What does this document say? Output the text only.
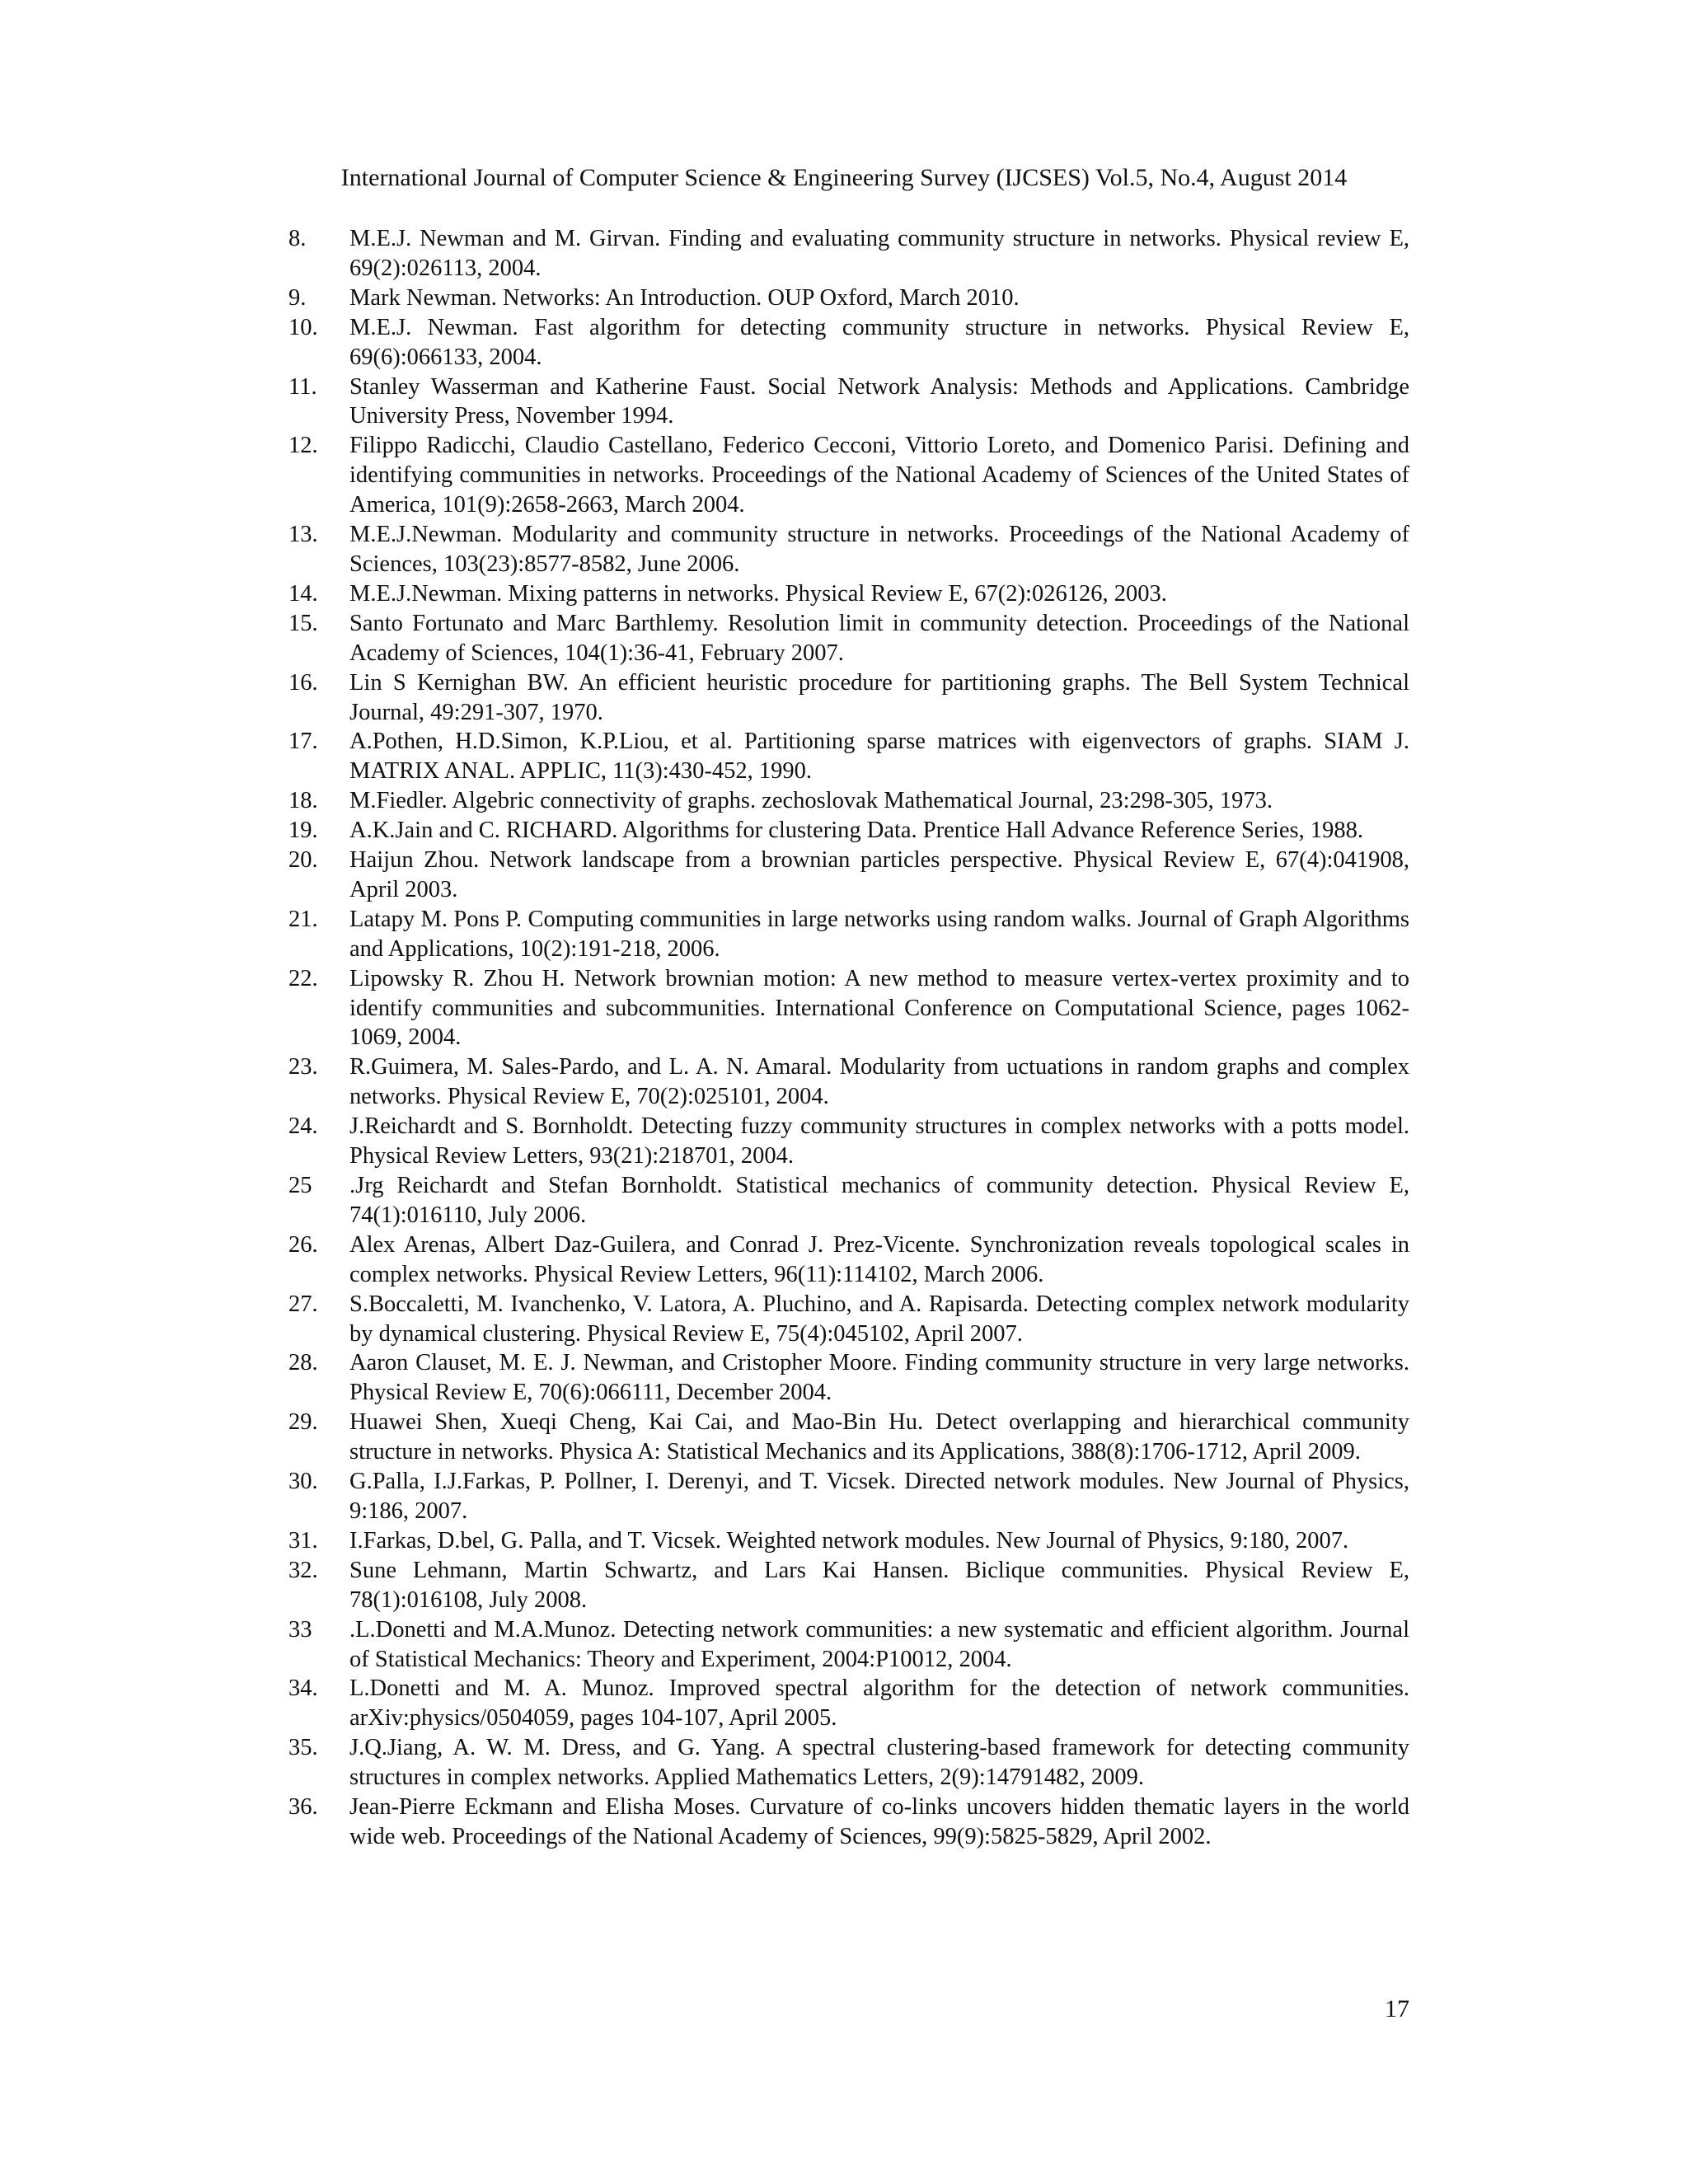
International Journal of Computer Science & Engineering Survey (IJCSES) Vol.5, No.4, August 2014
8.	M.E.J. Newman and M. Girvan. Finding and evaluating community structure in networks. Physical review E, 69(2):026113, 2004.
9.	Mark Newman. Networks: An Introduction. OUP Oxford, March 2010.
10.	M.E.J. Newman. Fast algorithm for detecting community structure in networks. Physical Review E, 69(6):066133, 2004.
11.	Stanley Wasserman and Katherine Faust. Social Network Analysis: Methods and Applications. Cambridge University Press, November 1994.
12.	Filippo Radicchi, Claudio Castellano, Federico Cecconi, Vittorio Loreto, and Domenico Parisi. Defining and identifying communities in networks. Proceedings of the National Academy of Sciences of the United States of America, 101(9):2658-2663, March 2004.
13.	M.E.J.Newman. Modularity and community structure in networks. Proceedings of the National Academy of Sciences, 103(23):8577-8582, June 2006.
14.	M.E.J.Newman. Mixing patterns in networks. Physical Review E, 67(2):026126, 2003.
15.	Santo Fortunato and Marc Barthlemy. Resolution limit in community detection. Proceedings of the National Academy of Sciences, 104(1):36-41, February 2007.
16.	Lin S Kernighan BW. An efficient heuristic procedure for partitioning graphs. The Bell System Technical Journal, 49:291-307, 1970.
17.	A.Pothen, H.D.Simon, K.P.Liou, et al. Partitioning sparse matrices with eigenvectors of graphs. SIAM J. MATRIX ANAL. APPLIC, 11(3):430-452, 1990.
18.	M.Fiedler. Algebric connectivity of graphs. zechoslovak Mathematical Journal, 23:298-305, 1973.
19.	A.K.Jain and C. RICHARD. Algorithms for clustering Data. Prentice Hall Advance Reference Series, 1988.
20.	Haijun Zhou. Network landscape from a brownian particles perspective. Physical Review E, 67(4):041908, April 2003.
21.	Latapy M. Pons P. Computing communities in large networks using random walks. Journal of Graph Algorithms and Applications, 10(2):191-218, 2006.
22.	Lipowsky R. Zhou H. Network brownian motion: A new method to measure vertex-vertex proximity and to identify communities and subcommunities. International Conference on Computational Science, pages 1062-1069, 2004.
23.	R.Guimera, M. Sales-Pardo, and L. A. N. Amaral. Modularity from uctuations in random graphs and complex networks. Physical Review E, 70(2):025101, 2004.
24.	J.Reichardt and S. Bornholdt. Detecting fuzzy community structures in complex networks with a potts model. Physical Review Letters, 93(21):218701, 2004.
25	.Jrg Reichardt and Stefan Bornholdt. Statistical mechanics of community detection. Physical Review E, 74(1):016110, July 2006.
26.	Alex Arenas, Albert Daz-Guilera, and Conrad J. Prez-Vicente. Synchronization reveals topological scales in complex networks. Physical Review Letters, 96(11):114102, March 2006.
27.	S.Boccaletti, M. Ivanchenko, V. Latora, A. Pluchino, and A. Rapisarda. Detecting complex network modularity by dynamical clustering. Physical Review E, 75(4):045102, April 2007.
28.	Aaron Clauset, M. E. J. Newman, and Cristopher Moore. Finding community structure in very large networks. Physical Review E, 70(6):066111, December 2004.
29.	Huawei Shen, Xueqi Cheng, Kai Cai, and Mao-Bin Hu. Detect overlapping and hierarchical community structure in networks. Physica A: Statistical Mechanics and its Applications, 388(8):1706-1712, April 2009.
30.	G.Palla, I.J.Farkas, P. Pollner, I. Derenyi, and T. Vicsek. Directed network modules. New Journal of Physics, 9:186, 2007.
31.	I.Farkas, D.bel, G. Palla, and T. Vicsek. Weighted network modules. New Journal of Physics, 9:180, 2007.
32.	Sune Lehmann, Martin Schwartz, and Lars Kai Hansen. Biclique communities. Physical Review E, 78(1):016108, July 2008.
33	.L.Donetti and M.A.Munoz. Detecting network communities: a new systematic and efficient algorithm. Journal of Statistical Mechanics: Theory and Experiment, 2004:P10012, 2004.
34.	L.Donetti and M. A. Munoz. Improved spectral algorithm for the detection of network communities. arXiv:physics/0504059, pages 104-107, April 2005.
35.	J.Q.Jiang, A. W. M. Dress, and G. Yang. A spectral clustering-based framework for detecting community structures in complex networks. Applied Mathematics Letters, 2(9):14791482, 2009.
36.	Jean-Pierre Eckmann and Elisha Moses. Curvature of co-links uncovers hidden thematic layers in the world wide web. Proceedings of the National Academy of Sciences, 99(9):5825-5829, April 2002.
17
